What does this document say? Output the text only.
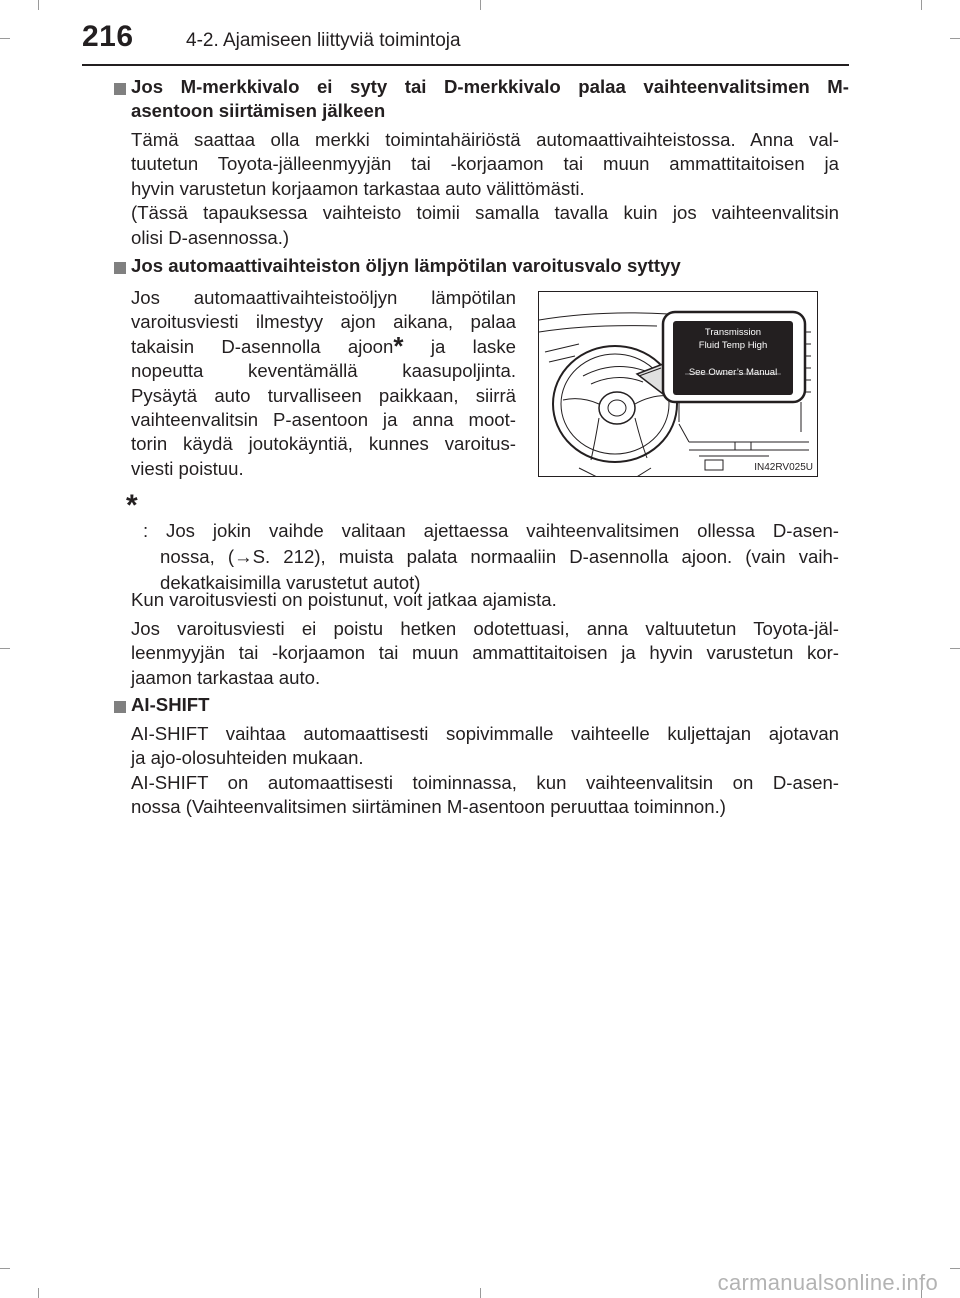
216	4-2. Ajamiseen liittyviä toimintoja
Jos M-merkkivalo ei syty tai D-merkkivalo palaa vaihteenvalitsimen M-
asentoon siirtämisen jälkeen
Tämä saattaa olla merkki toimintahäiriöstä automaattivaihteistossa. Anna val-
tuutetun Toyota-jälleenmyyjän tai -korjaamon tai muun ammattitaitoisen ja
hyvin varustetun korjaamon tarkastaa auto välittömästi.
(Tässä tapauksessa vaihteisto toimii samalla tavalla kuin jos vaihteenvalitsin
olisi D-asennossa.)
Jos automaattivaihteiston öljyn lämpötilan varoitusvalo syttyy
Jos automaattivaihteistoöljyn lämpötilan
varoitusviesti ilmestyy ajon aikana, palaa
takaisin D-asennolla ajoon* ja laske
nopeutta keventämällä kaasupoljinta.
Pysäytä auto turvalliseen paikkaan, siirrä
vaihteenvalitsin P-asentoon ja anna moot-
torin käydä joutokäyntiä, kunnes varoitus-
viesti poistuu.
Transmission
Fluid Temp High
See Owner’s Manual
IN42RV025U
*
: Jos jokin vaihde valitaan ajettaessa vaihteenvalitsimen ollessa D-asen-
nossa, (→S. 212), muista palata normaaliin D-asennolla ajoon. (vain vaih-
dekatkaisimilla varustetut autot)
Kun varoitusviesti on poistunut, voit jatkaa ajamista.
Jos varoitusviesti ei poistu hetken odotettuasi, anna valtuutetun Toyota-jäl-
leenmyyjän tai -korjaamon tai muun ammattitaitoisen ja hyvin varustetun kor-
jaamon tarkastaa auto.
AI-SHIFT
AI-SHIFT vaihtaa automaattisesti sopivimmalle vaihteelle kuljettajan ajotavan
ja ajo-olosuhteiden mukaan.
AI-SHIFT on automaattisesti toiminnassa, kun vaihteenvalitsin on D-asen-
nossa (Vaihteenvalitsimen siirtäminen M-asentoon peruuttaa toiminnon.)
carmanualsonline.info
